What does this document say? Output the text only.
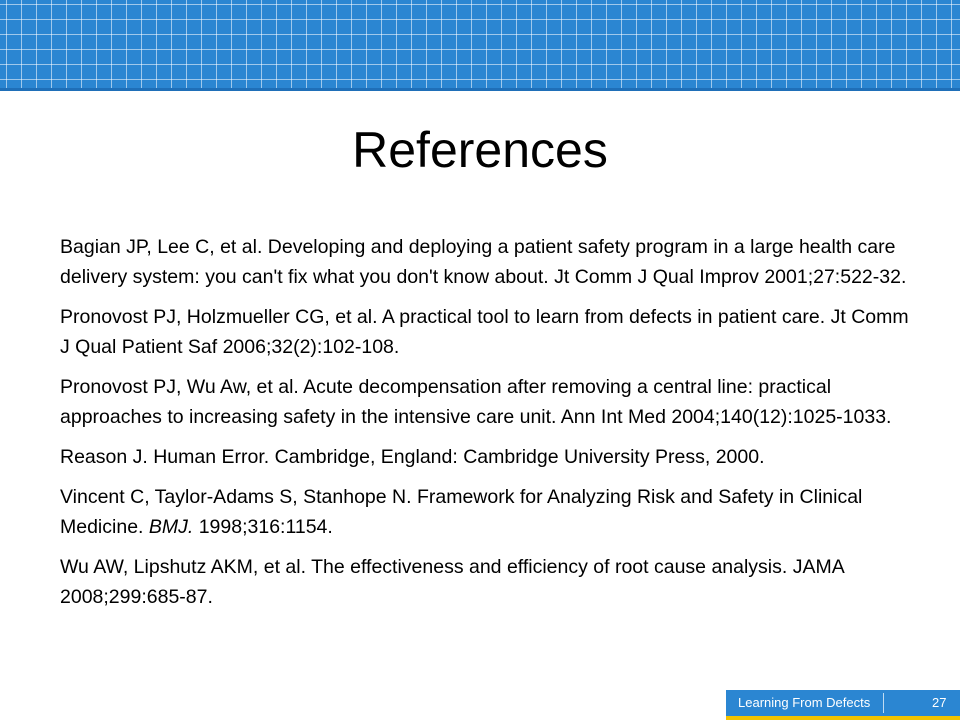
References
Bagian JP, Lee C, et al. Developing and deploying a patient safety program in a large health care delivery system: you can't fix what you don't know about. Jt Comm J Qual Improv 2001;27:522-32.
Pronovost PJ, Holzmueller CG, et al. A practical tool to learn from defects in patient care. Jt Comm J Qual Patient Saf 2006;32(2):102-108.
Pronovost PJ, Wu Aw, et al. Acute decompensation after removing a central line: practical approaches to increasing safety in the intensive care unit. Ann Int Med 2004;140(12):1025-1033.
Reason J. Human Error. Cambridge, England: Cambridge University Press, 2000.
Vincent C, Taylor-Adams S, Stanhope N. Framework for Analyzing Risk and Safety in Clinical Medicine. BMJ. 1998;316:1154.
Wu AW, Lipshutz AKM, et al. The effectiveness and efficiency of root cause analysis. JAMA 2008;299:685-87.
Learning From Defects	27
